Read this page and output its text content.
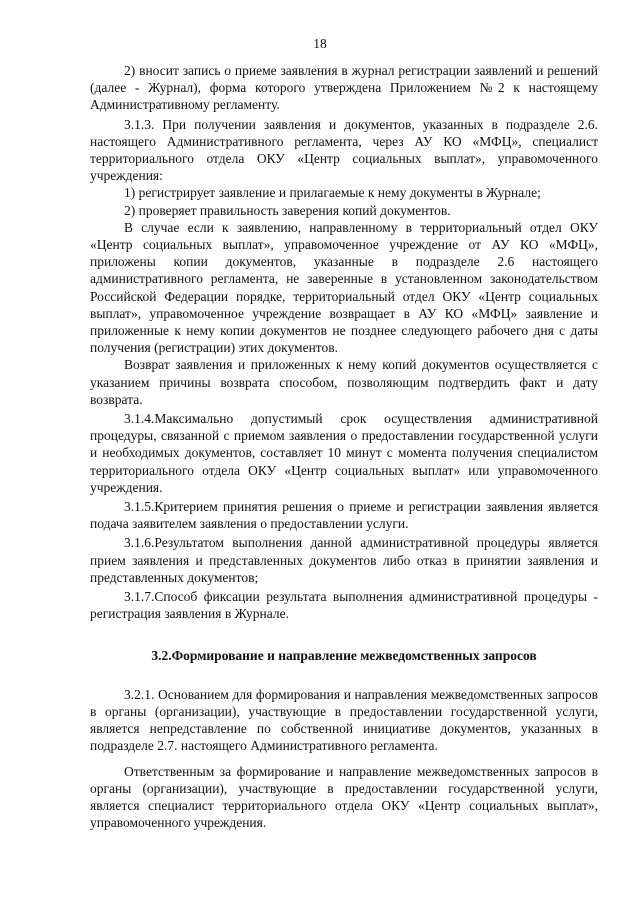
18

2) вносит запись о приеме заявления в журнал регистрации заявлений и решений (далее - Журнал), форма которого утверждена Приложением №2 к настоящему Административному регламенту.

3.1.3. При получении заявления и документов, указанных в подразделе 2.6. настоящего Административного регламента, через АУ КО «МФЦ», специалист территориального отдела ОКУ «Центр социальных выплат», управомоченного учреждения:

1) регистрирует заявление и прилагаемые к нему документы в Журнале;

2) проверяет правильность заверения копий документов.

В случае если к заявлению, направленному в территориальный отдел ОКУ «Центр социальных выплат», управомоченное учреждение от АУ КО «МФЦ», приложены копии документов, указанные в подразделе 2.6 настоящего административного регламента, не заверенные в установленном законодательством Российской Федерации порядке, территориальный отдел ОКУ «Центр социальных выплат», управомоченное учреждение возвращает в АУ КО «МФЦ» заявление и приложенные к нему копии документов не позднее следующего рабочего дня с даты получения (регистрации) этих документов.

Возврат заявления и приложенных к нему копий документов осуществляется с указанием причины возврата способом, позволяющим подтвердить факт и дату возврата.

3.1.4.Максимально допустимый срок осуществления административной процедуры, связанной с приемом заявления о предоставлении государственной услуги и необходимых документов, составляет 10 минут с момента получения специалистом территориального отдела ОКУ «Центр социальных выплат» или управомоченного учреждения.

3.1.5.Критерием принятия решения о приеме и регистрации заявления является подача заявителем заявления о предоставлении услуги.

3.1.6.Результатом выполнения данной административной процедуры является прием заявления и представленных документов либо отказ в принятии заявления и представленных документов;

3.1.7.Способ фиксации результата выполнения административной процедуры - регистрация заявления в Журнале.

3.2.Формирование и направление межведомственных запросов

3.2.1. Основанием для формирования и направления межведомственных запросов в органы (организации), участвующие в предоставлении государственной услуги, является непредставление по собственной инициативе документов, указанных в подразделе 2.7. настоящего Административного регламента.

Ответственным за формирование и направление межведомственных запросов в органы (организации), участвующие в предоставлении государственной услуги, является специалист территориального отдела ОКУ «Центр социальных выплат», управомоченного учреждения.
